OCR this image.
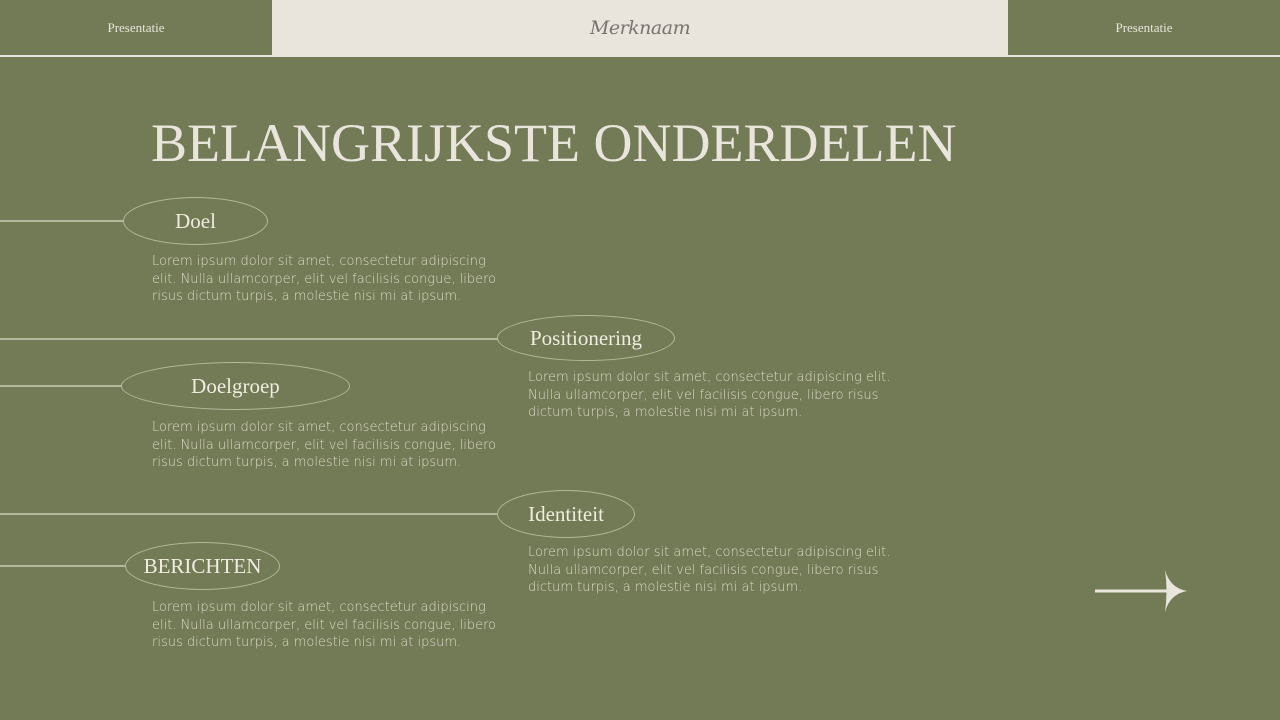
Presentatie	Merknaam	Presentatie
BELANGRIJKSTE ONDERDELEN
Doel
Lorem ipsum dolor sit amet, consectetur adipiscing elit. Nulla ullamcorper, elit vel facilisis congue, libero risus dictum turpis, a molestie nisi mi at ipsum.
Positionering
Lorem ipsum dolor sit amet, consectetur adipiscing elit. Nulla ullamcorper, elit vel facilisis congue, libero risus dictum turpis, a molestie nisi mi at ipsum.
Doelgroep
Lorem ipsum dolor sit amet, consectetur adipiscing elit. Nulla ullamcorper, elit vel facilisis congue, libero risus dictum turpis, a molestie nisi mi at ipsum.
Identiteit
Lorem ipsum dolor sit amet, consectetur adipiscing elit. Nulla ullamcorper, elit vel facilisis congue, libero risus dictum turpis, a molestie nisi mi at ipsum.
BERICHTEN
Lorem ipsum dolor sit amet, consectetur adipiscing elit. Nulla ullamcorper, elit vel facilisis congue, libero risus dictum turpis, a molestie nisi mi at ipsum.
